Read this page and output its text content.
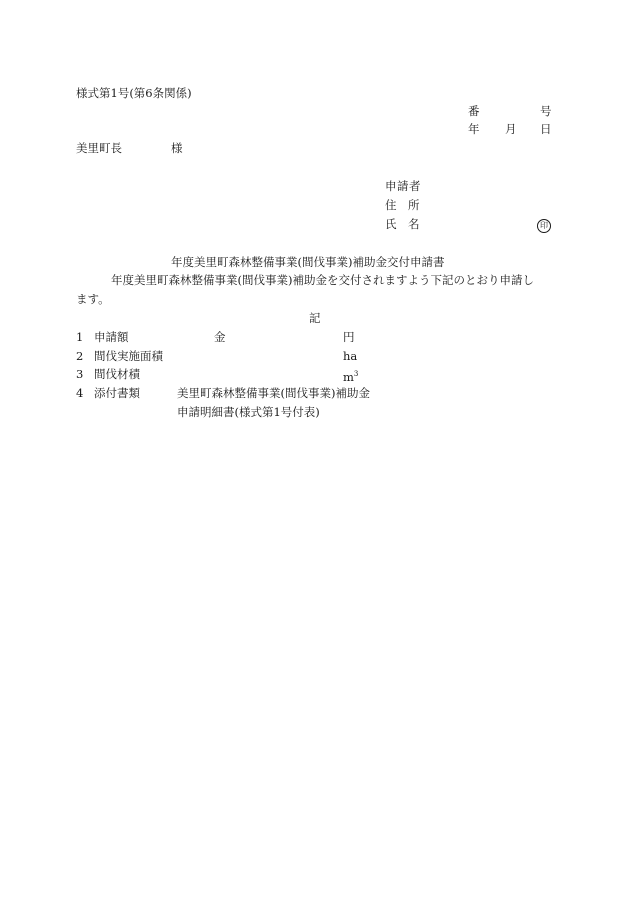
様式第1号(第6条関係)
番	号
年 月 日
美里町長	様
申請者
住 所
氏 名	印
年度美里町森林整備事業(間伐事業)補助金交付申請書
年度美里町森林整備事業(間伐事業)補助金を交付されますよう下記のとおり申請し
ます。
記
1 申請額	金	円
2 間伐実施面積	ha
3 間伐材積	$m^3$
4 添付書類	美里町森林整備事業(間伐事業)補助金
申請明細書(様式第1号付表)
